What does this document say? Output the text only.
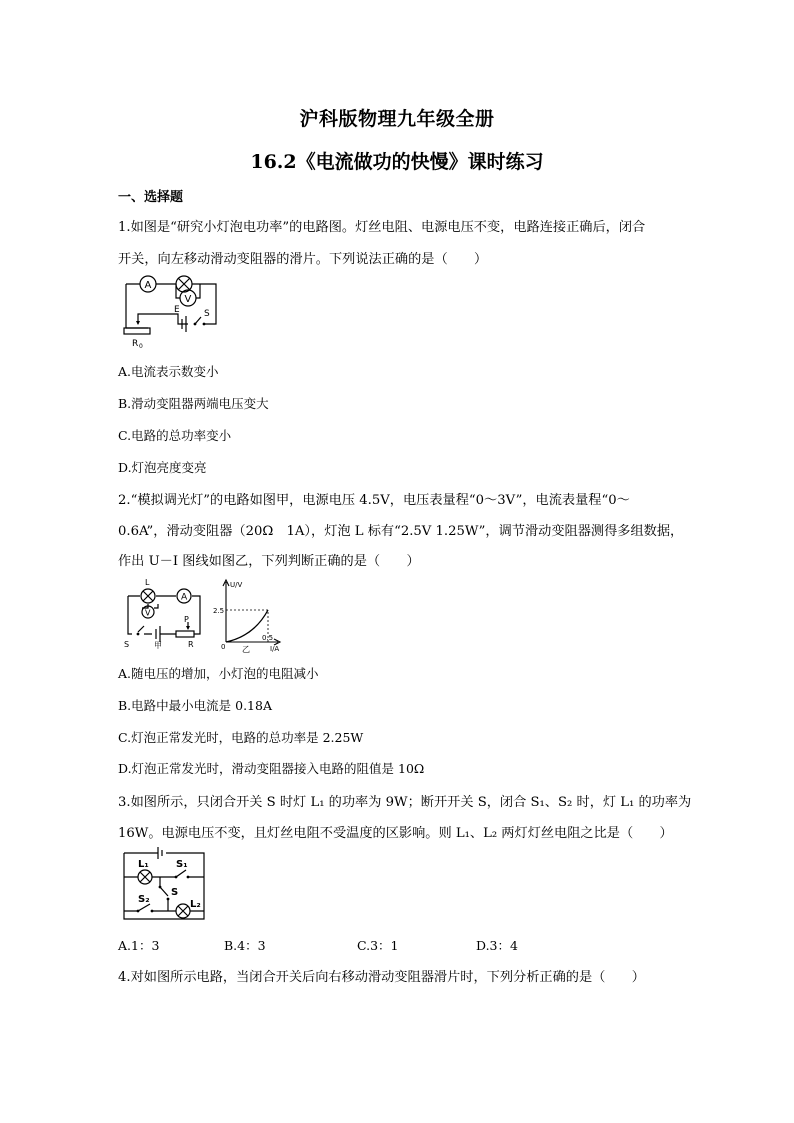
沪科版物理九年级全册
16.2《电流做功的快慢》课时练习
一、选择题
1.如图是“研究小灯泡电功率”的电路图。灯丝电阻、电源电压不变，电路连接正确后，闭合
开关，向左移动滑动变阻器的滑片。下列说法正确的是（　　）
A
V
E	S
R 0
A.电流表示数变小
B.滑动变阻器两端电压变大
C.电路的总功率变小
D.灯泡亮度变亮
2.“模拟调光灯”的电路如图甲，电源电压 4.5V，电压表量程“0～3V”，电流表量程“0～
0.6A”，滑动变阻器（20Ω　1A），灯泡 L 标有“2.5V 1.25W”，调节滑动变阻器测得多组数据，
作出 U－I 图线如图乙，下列判断正确的是（　　）
L
A
V
S	甲
P
R
U/V
2.5
0
0.5
I/A
乙
A.随电压的增加，小灯泡的电阻减小
B.电路中最小电流是 0.18A
C.灯泡正常发光时，电路的总功率是 2.25W
D.灯泡正常发光时，滑动变阻器接入电路的阻值是 10Ω
3.如图所示，只闭合开关 S 时灯 L₁ 的功率为 9W；断开开关 S，闭合 S₁、S₂ 时，灯 L₁ 的功率为
16W。电源电压不变，且灯丝电阻不受温度的区影响。则 L₁、L₂ 两灯灯丝电阻之比是（　　）
L₁	S₁
S
S₂	L₂
A.1：3	B.4：3	C.3：1	D.3：4
4.对如图所示电路，当闭合开关后向右移动滑动变阻器滑片时，下列分析正确的是（　　）
